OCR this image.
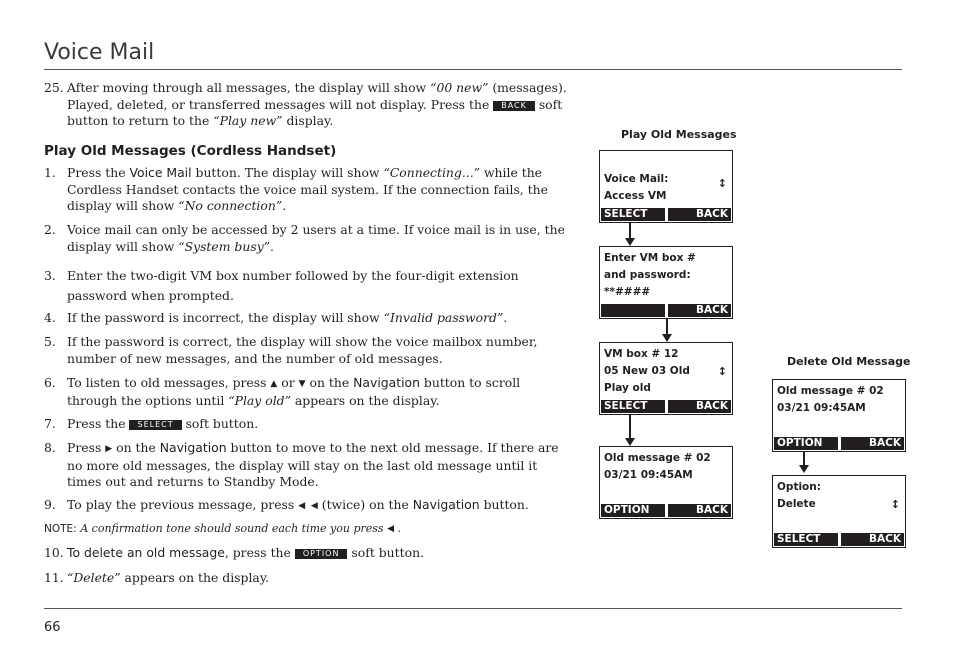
Voice Mail
25. After moving through all messages, the display will show “00 new” (messages). Played, deleted, or transferred messages will not display. Press the BACK soft button to return to the “Play new” display.
Play Old Messages (Cordless Handset)
1. Press the Voice Mail button. The display will show “Connecting...” while the Cordless Handset contacts the voice mail system. If the connection fails, the display will show “No connection”.
2. Voice mail can only be accessed by 2 users at a time. If voice mail is in use, the display will show “System busy”.
3. Enter the two-digit VM box number followed by the four-digit extension password when prompted.
4. If the password is incorrect, the display will show “Invalid password”.
5. If the password is correct, the display will show the voice mailbox number, number of new messages, and the number of old messages.
6. To listen to old messages, press ▲ or ▼ on the Navigation button to scroll through the options until “Play old” appears on the display.
7. Press the SELECT soft button.
8. Press ▶ on the Navigation button to move to the next old message. If there are no more old messages, the display will stay on the last old message until it times out and returns to Standby Mode.
9. To play the previous message, press ◀  ◀ (twice) on the Navigation button.
NOTE: A confirmation tone should sound each time you press ◀ .
10. To delete an old message, press the OPTION soft button.
11. “Delete” appears on the display.
66
Play Old Messages
Delete Old Message
Voice Mail:
Access VM
↕
SELECT	BACK
Enter VM box #
and password:
**####
BACK
VM box # 12
05 New 03 Old
Play old
↕
SELECT	BACK
Old message # 02
03/21 09:45AM
OPTION	BACK
Old message # 02
03/21 09:45AM
OPTION	BACK
Option:
Delete	↕
SELECT	BACK
